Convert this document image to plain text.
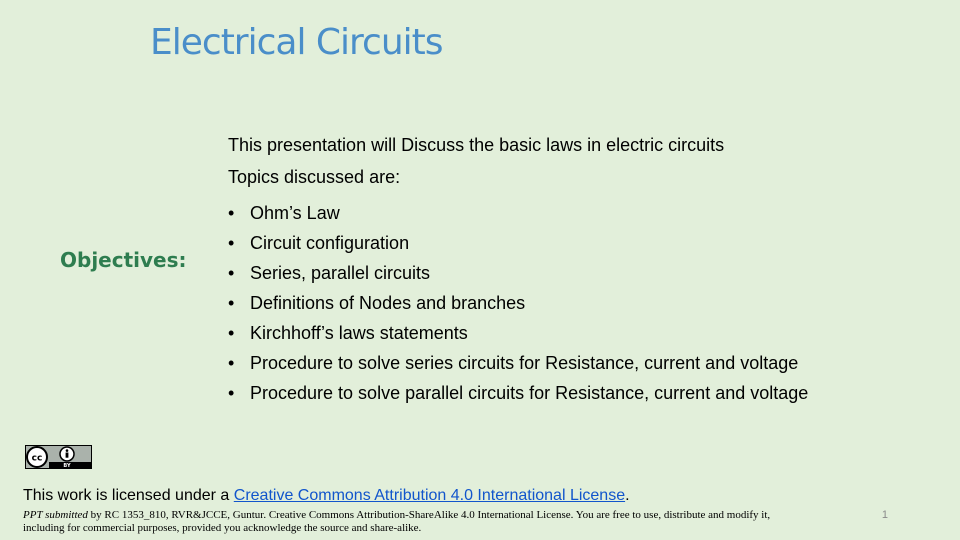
Electrical Circuits
Objectives:

This presentation will Discuss the basic laws in electric circuits

Topics discussed are:

• Ohm’s Law
• Circuit configuration
• Series, parallel circuits
• Definitions of Nodes and branches
• Kirchhoff’s laws statements
• Procedure to solve series circuits for Resistance, current and voltage
• Procedure to solve parallel circuits for Resistance, current and voltage
cc
BY
This work is licensed under a Creative Commons Attribution 4.0 International License.
PPT submitted by RC 1353_810, RVR&JCCE, Guntur. Creative Commons Attribution-ShareAlike 4.0 International License. You are free to use, distribute and modify it, including for commercial purposes, provided you acknowledge the source and share-alike.
1
